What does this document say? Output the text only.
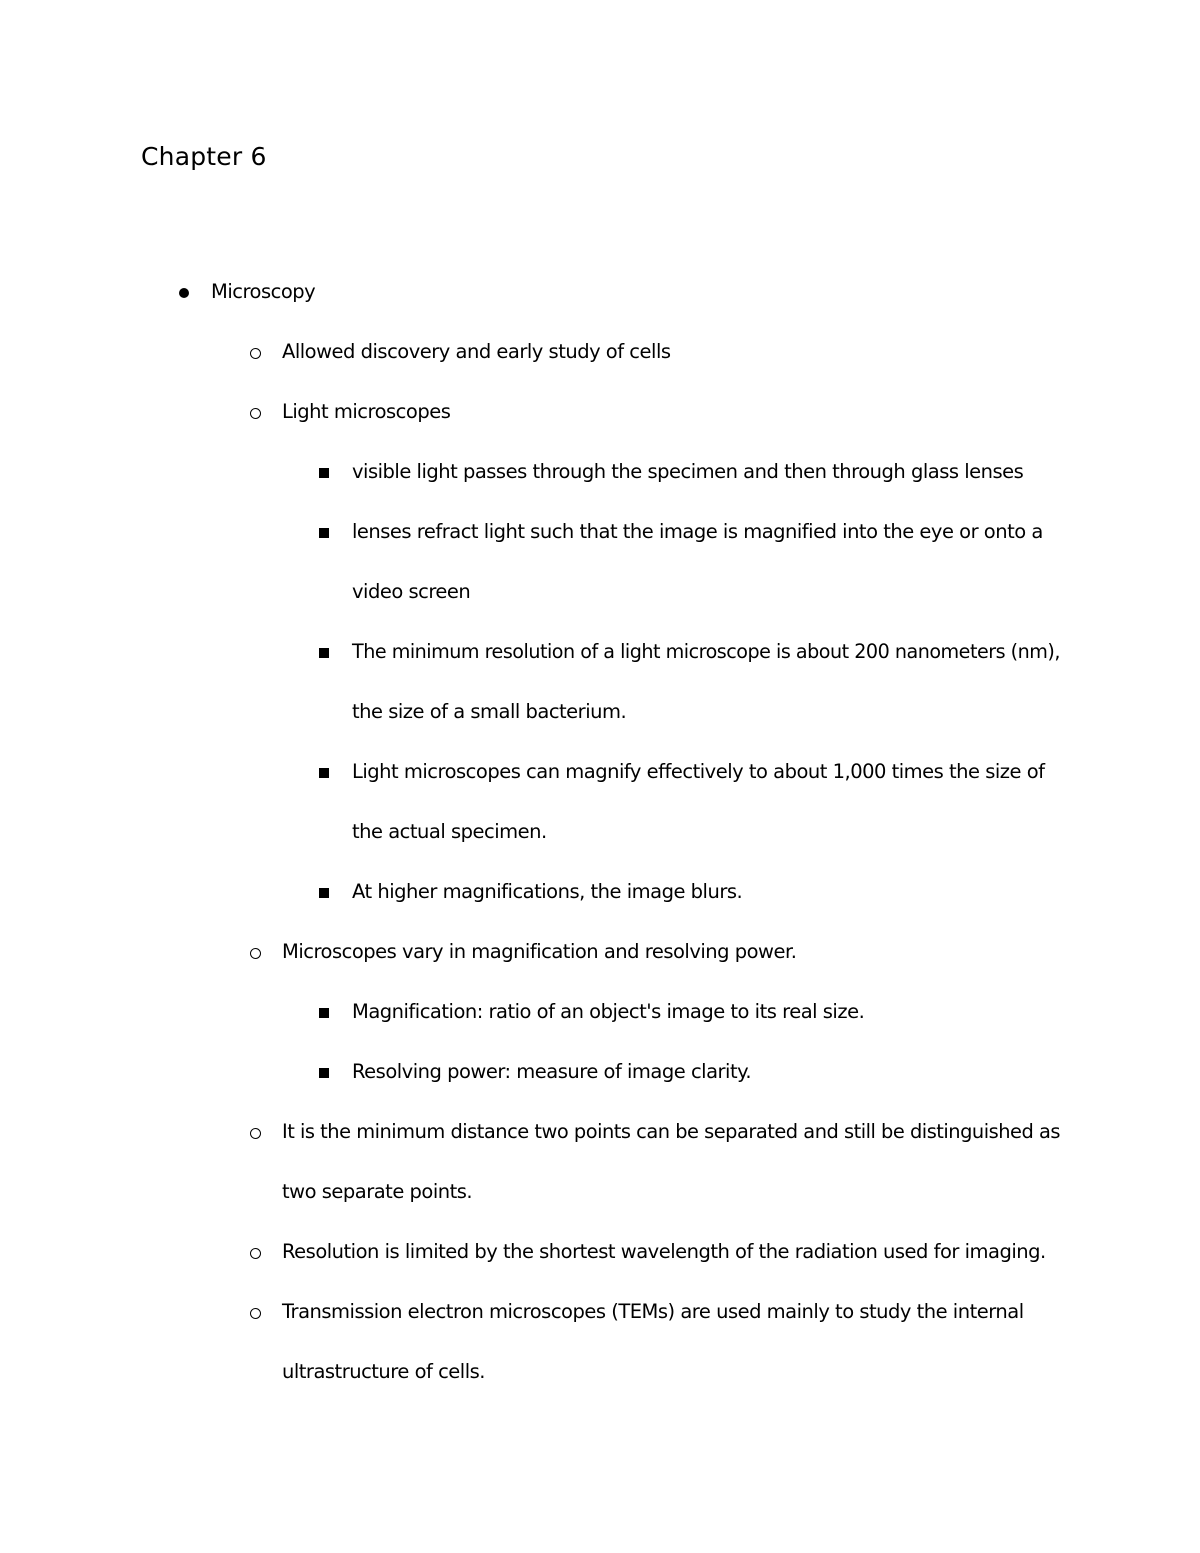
Chapter 6
Microscopy
Allowed discovery and early study of cells
Light microscopes
visible light passes through the specimen and then through glass lenses
lenses refract light such that the image is magnified into the eye or onto a
video screen
The minimum resolution of a light microscope is about 200 nanometers (nm),
the size of a small bacterium.
Light microscopes can magnify effectively to about 1,000 times the size of
the actual specimen.
At higher magnifications, the image blurs.
Microscopes vary in magnification and resolving power.
Magnification: ratio of an object's image to its real size.
Resolving power: measure of image clarity.
It is the minimum distance two points can be separated and still be distinguished as
two separate points.
Resolution is limited by the shortest wavelength of the radiation used for imaging.
Transmission electron microscopes (TEMs) are used mainly to study the internal
ultrastructure of cells.
